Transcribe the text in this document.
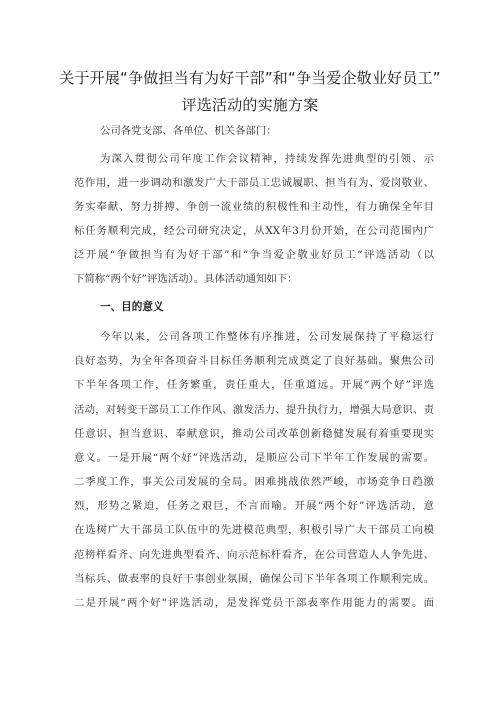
关于开展“争做担当有为好干部”和“争当爱企敬业好员工”
评选活动的实施方案
公司各党支部、各单位、机关各部门：
为深入贯彻公司年度工作会议精神，持续发挥先进典型的引领、示
范作用，进一步调动和激发广大干部员工忠诚履职、担当有为、爱岗敬业、
务实奉献、努力拼搏、争创一流业绩的积极性和主动性，有力确保全年目
标任务顺利完成，经公司研究决定，从XX年3月份开始，在公司范围内广
泛开展“争做担当有为好干部”和“争当爱企敬业好员工”评选活动（以
下简称“两个好”评选活动）。具体活动通知如下：
一、目的意义
今年以来，公司各项工作整体有序推进，公司发展保持了平稳运行
良好态势，为全年各项奋斗目标任务顺利完成奠定了良好基础。聚焦公司
下半年各项工作，任务繁重，责任重大，任重道远。开展“两个好”评选
活动，对转变干部员工工作作风、激发活力、提升执行力，增强大局意识、责
任意识、担当意识、奉献意识，推动公司改革创新稳健发展有着重要现实
意义。一是开展“两个好”评选活动，是顺应公司下半年工作发展的需要。
二季度工作，事关公司发展的全局。困难挑战依然严峻，市场竞争日趋激
烈，形势之紧迫，任务之艰巨，不言而喻。开展“两个好”评选活动，意
在选树广大干部员工队伍中的先进模范典型，积极引导广大干部员工向模
范榜样看齐、向先进典型看齐、向示范标杆看齐，在公司营造人人争先进、
当标兵、做表率的良好干事创业氛围，确保公司下半年各项工作顺利完成。
二是开展“两个好”评选活动，是发挥党员干部表率作用能力的需要。面
